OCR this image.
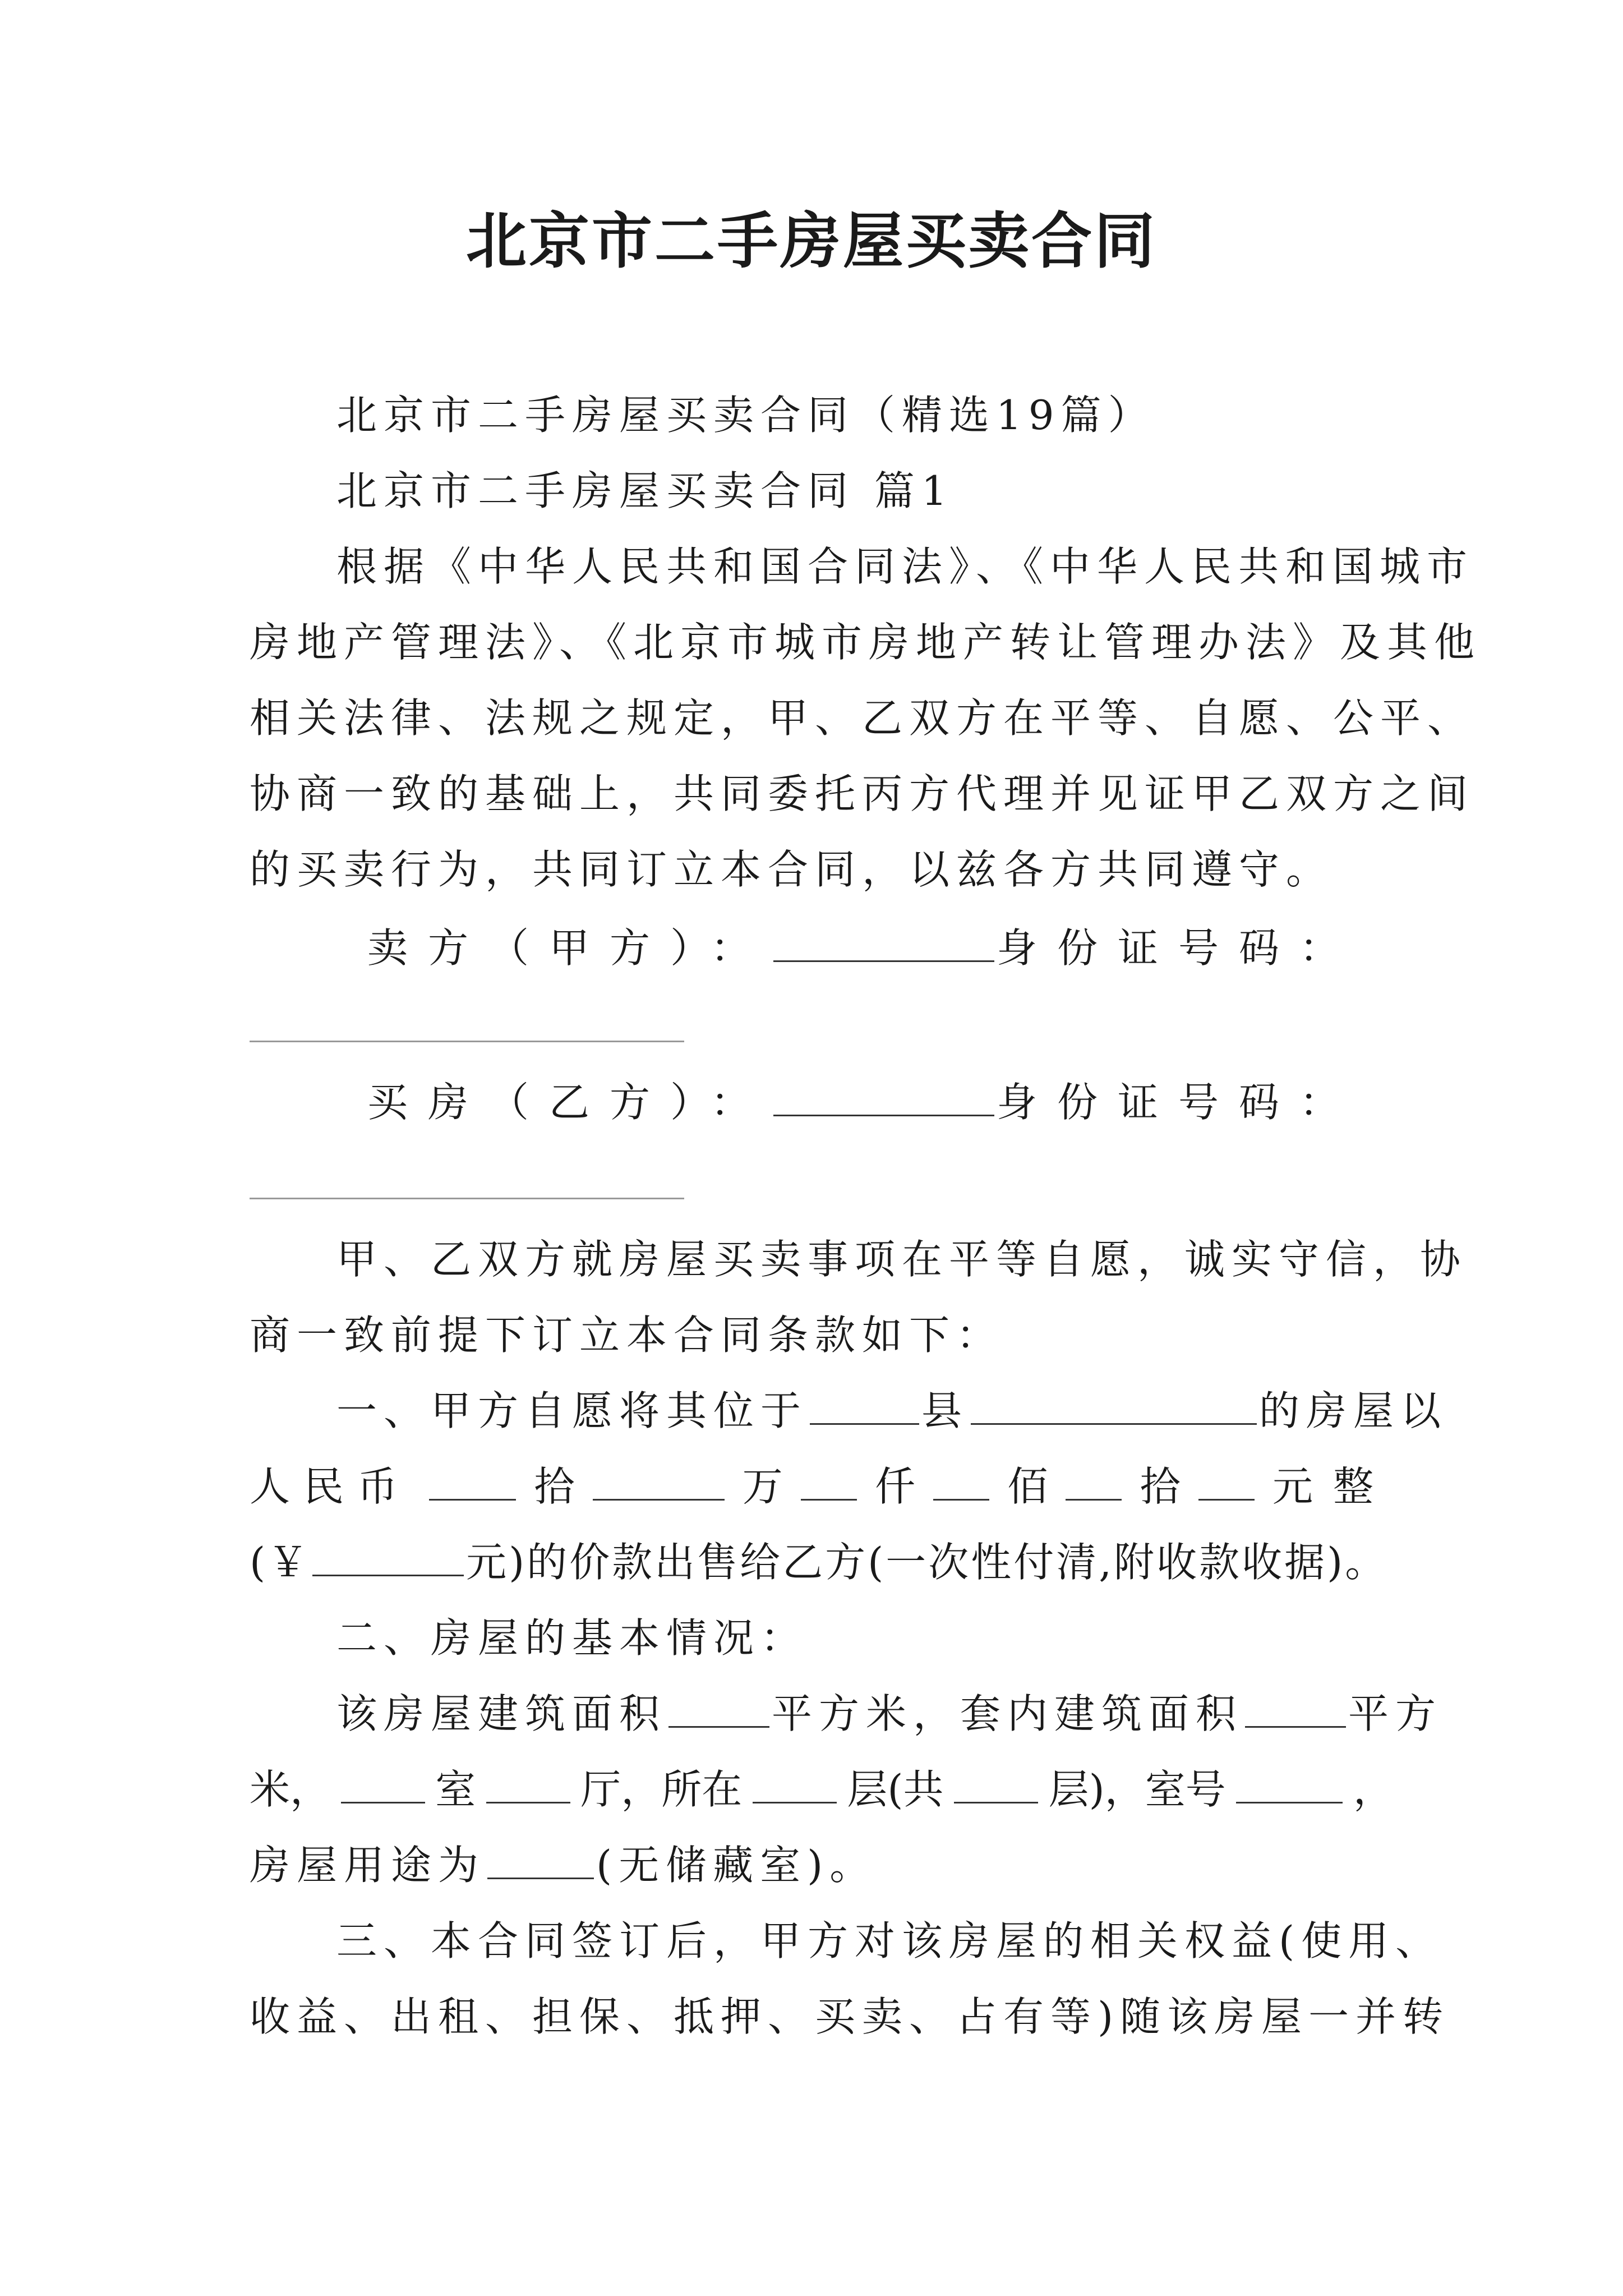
北京市二手房屋买卖合同
北京市二手房屋买卖合同（精选19篇）
北京市二手房屋买卖合同 篇1
根据《中华人民共和国合同法》、《中华人民共和国城市
房地产管理法》、《北京市城市房地产转让管理办法》及其他
相关法律、法规之规定，甲、乙双方在平等、自愿、公平、
协商一致的基础上，共同委托丙方代理并见证甲乙双方之间
的买卖行为，共同订立本合同，以兹各方共同遵守。
卖方（甲方）：	身份证号码：
买房（乙方）：	身份证号码：
甲、乙双方就房屋买卖事项在平等自愿，诚实守信，协
商一致前提下订立本合同条款如下：
一、甲方自愿将其位于	县	的房屋以
人民币	拾	万 仟 佰 拾 元整
(￥	元)的价款出售给乙方(一次性付清,附收款收据)。
二、房屋的基本情况：
该房屋建筑面积	平方米，套内建筑面积	平方
米，	室	厅，所在	层(共	层)，室号	，
房屋用途为	(无储藏室)。
三、本合同签订后，甲方对该房屋的相关权益(使用、
收益、出租、担保、抵押、买卖、占有等)随该房屋一并转
